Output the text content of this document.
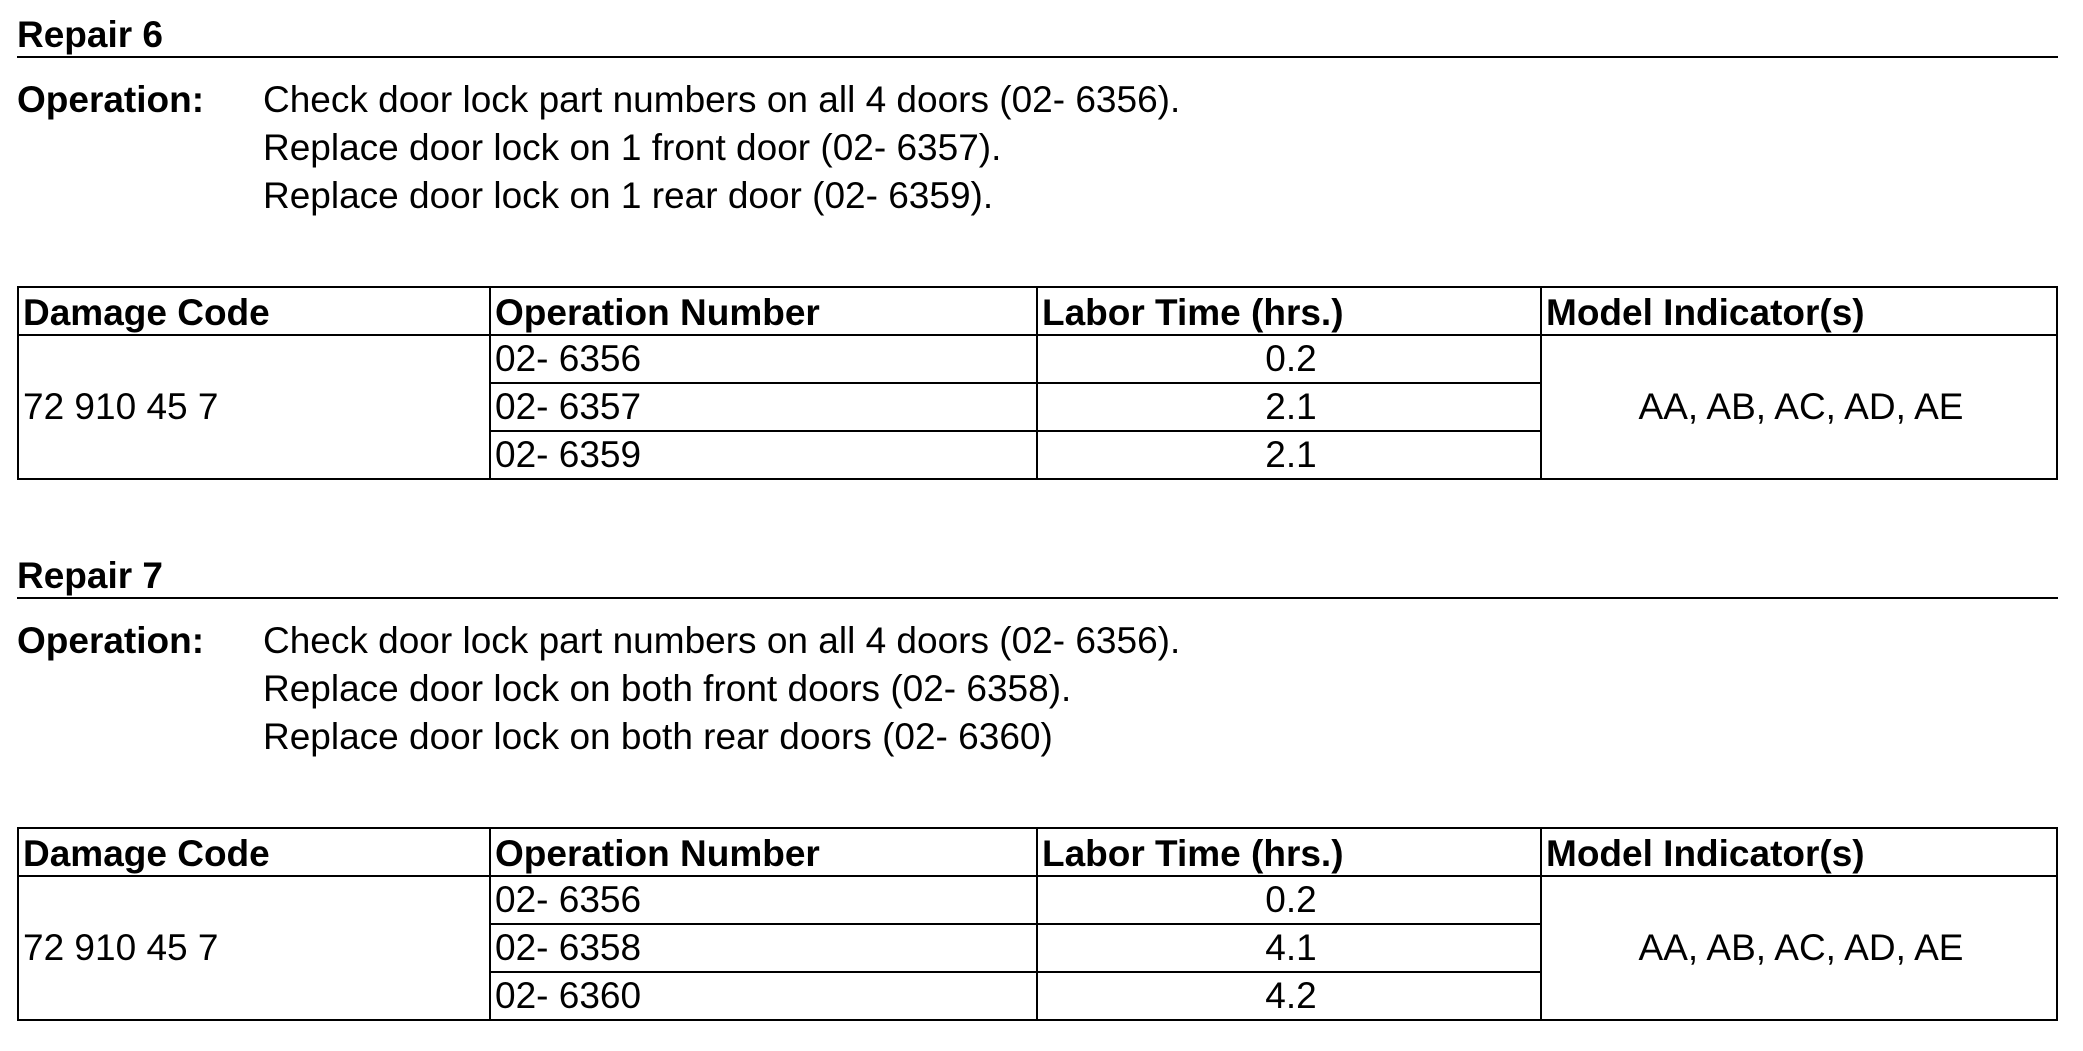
Repair 6
Operation: Check door lock part numbers on all 4 doors (02- 6356).
Replace door lock on 1 front door (02- 6357).
Replace door lock on 1 rear door (02- 6359).
Damage Code	Operation Number	Labor Time (hrs.)	Model Indicator(s)
72 910 45 7	02- 6356	0.2	AA, AB, AC, AD, AE
	02- 6357	2.1	
	02- 6359	2.1	
Repair 7
Operation: Check door lock part numbers on all 4 doors (02- 6356).
Replace door lock on both front doors (02- 6358).
Replace door lock on both rear doors (02- 6360)
Damage Code	Operation Number	Labor Time (hrs.)	Model Indicator(s)
72 910 45 7	02- 6356	0.2	AA, AB, AC, AD, AE
	02- 6358	4.1	
	02- 6360	4.2	
